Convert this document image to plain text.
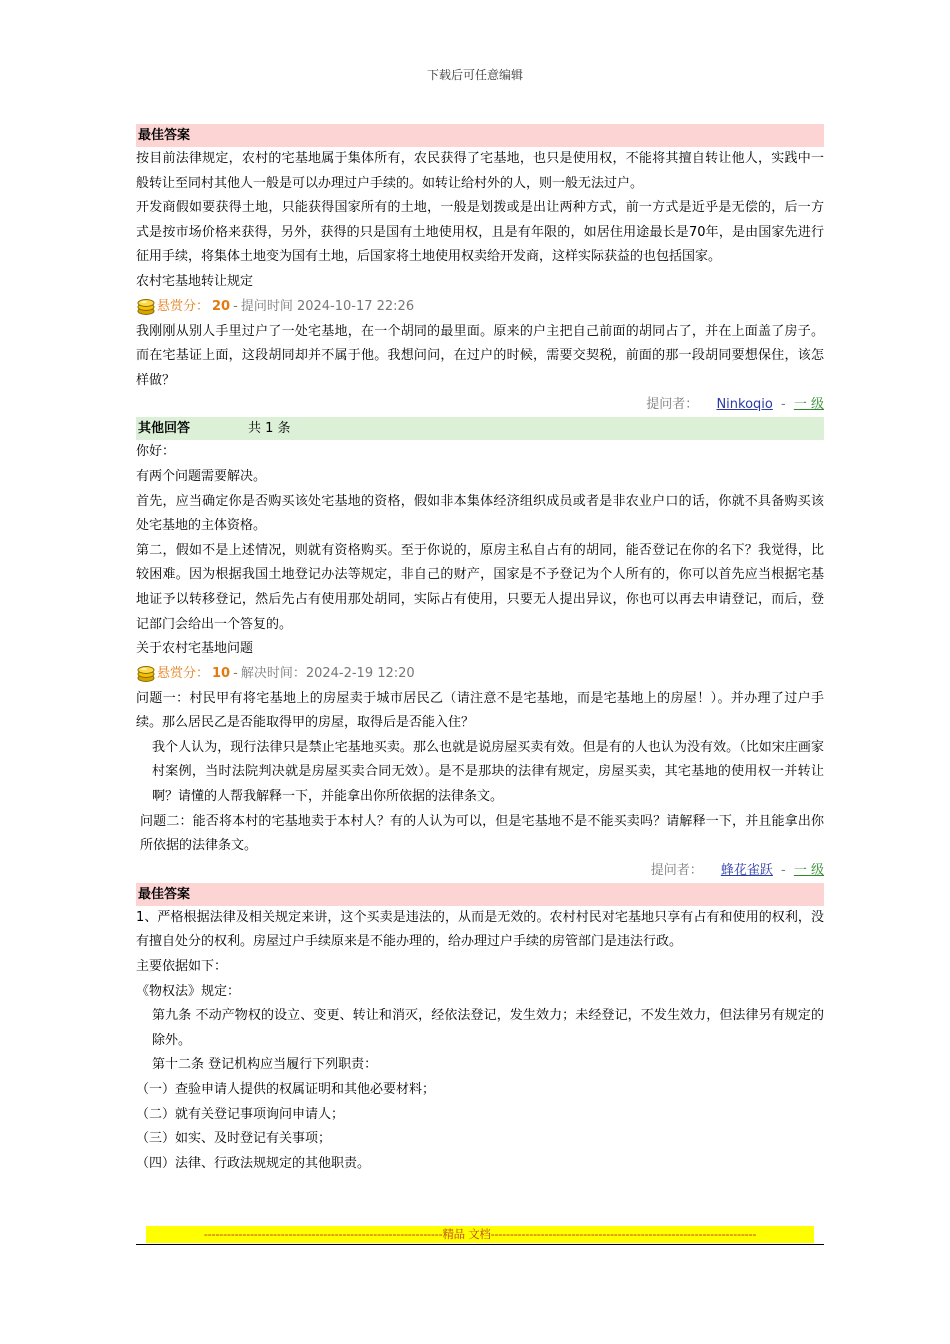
下载后可任意编辑
最佳答案

按目前法律规定，农村的宅基地属于集体所有，农民获得了宅基地，也只是使用权，不能将其擅自转让他人，实践中一般转让至同村其他人一般是可以办理过户手续的。如转让给村外的人，则一般无法过户。

开发商假如要获得土地，只能获得国家所有的土地，一般是划拨或是出让两种方式，前一方式是近乎是无偿的，后一方式是按市场价格来获得，另外，获得的只是国有土地使用权，且是有年限的，如居住用途最长是70年，是由国家先进行征用手续，将集体土地变为国有土地，后国家将土地使用权卖给开发商，这样实际获益的也包括国家。

农村宅基地转让规定

悬赏分： 20 - 提问时间 2024-10-17 22:26

我刚刚从别人手里过户了一处宅基地，在一个胡同的最里面。原来的户主把自己前面的胡同占了，并在上面盖了房子。而在宅基证上面，这段胡同却并不属于他。我想问问，在过户的时候，需要交契税，前面的那一段胡同要想保住，该怎样做？

提问者： Ninkoqio - 一 级
其他回答	共 1 条

你好：

有两个问题需要解决。

首先，应当确定你是否购买该处宅基地的资格，假如非本集体经济组织成员或者是非农业户口的话，你就不具备购买该处宅基地的主体资格。

第二，假如不是上述情况，则就有资格购买。至于你说的，原房主私自占有的胡同，能否登记在你的名下？我觉得，比较困难。因为根据我国土地登记办法等规定，非自己的财产，国家是不予登记为个人所有的，你可以首先应当根据宅基地证予以转移登记，然后先占有使用那处胡同，实际占有使用，只要无人提出异议，你也可以再去申请登记，而后，登记部门会给出一个答复的。

关于农村宅基地问题

悬赏分： 10 - 解决时间：2024-2-19 12:20

问题一：村民甲有将宅基地上的房屋卖于城市居民乙（请注意不是宅基地，而是宅基地上的房屋！）。并办理了过户手续。那么居民乙是否能取得甲的房屋，取得后是否能入住？

我个人认为，现行法律只是禁止宅基地买卖。那么也就是说房屋买卖有效。但是有的人也认为没有效。（比如宋庄画家村案例，当时法院判决就是房屋买卖合同无效）。是不是那块的法律有规定，房屋买卖，其宅基地的使用权一并转让啊？请懂的人帮我解释一下，并能拿出你所依据的法律条文。

问题二：能否将本村的宅基地卖于本村人？有的人认为可以，但是宅基地不是不能买卖吗？请解释一下，并且能拿出你所依据的法律条文。

提问者： 蜂花雀跃 - 一 级
最佳答案

1、严格根据法律及相关规定来讲，这个买卖是违法的，从而是无效的。农村村民对宅基地只享有占有和使用的权利，没有擅自处分的权利。房屋过户手续原来是不能办理的，给办理过户手续的房管部门是违法行政。

主要依据如下：

《物权法》规定：

第九条 不动产物权的设立、变更、转让和消灭，经依法登记，发生效力；未经登记，不发生效力，但法律另有规定的除外。

第十二条 登记机构应当履行下列职责：

（一）查验申请人提供的权属证明和其他必要材料；

（二）就有关登记事项询问申请人；

（三）如实、及时登记有关事项；

（四）法律、行政法规规定的其他职责。

--------------------------------------------------------------精品 文档---------------------------------------------------------------------
